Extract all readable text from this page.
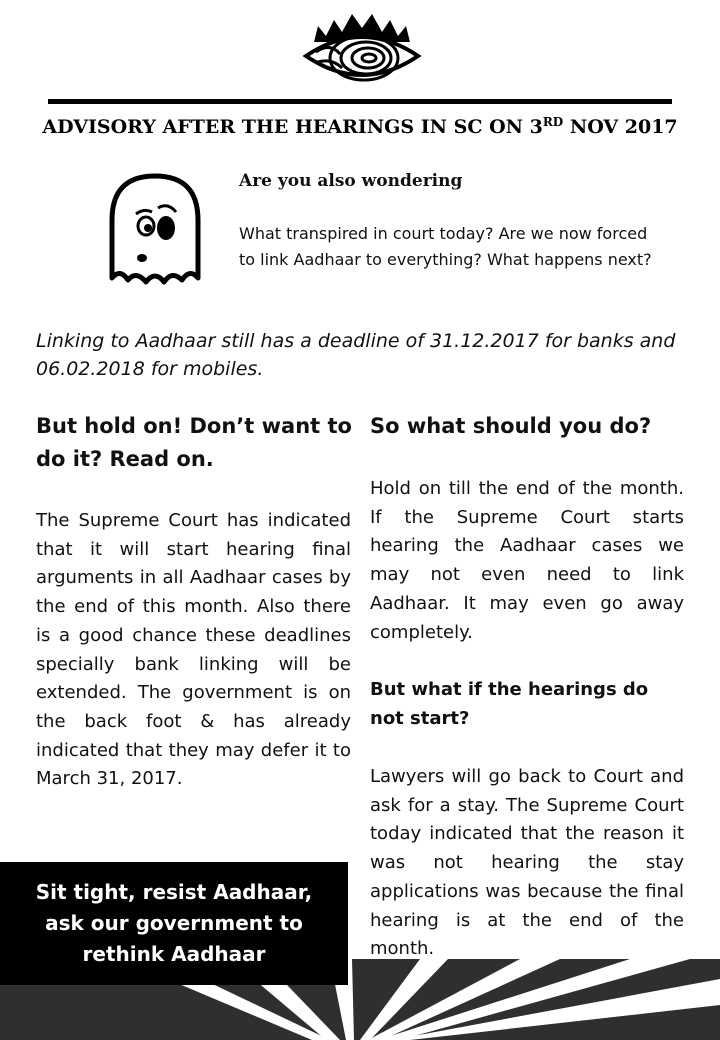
ADVISORY AFTER THE HEARINGS IN SC ON 3RD NOV 2017
Are you also wondering
What transpired in court today? Are we now forced to link Aadhaar to everything? What happens next?
Linking to Aadhaar still has a deadline of 31.12.2017 for banks and 06.02.2018 for mobiles.
But hold on! Don’t want to do it? Read on.
The Supreme Court has indicated that it will start hearing final arguments in all Aadhaar cases by the end of this month. Also there is a good chance these deadlines specially bank linking will be extended. The government is on the back foot & has already indicated that they may defer it to March 31, 2017.
So what should you do?
Hold on till the end of the month. If the Supreme Court starts hearing the Aadhaar cases we may not even need to link Aadhaar. It may even go away completely.
But what if the hearings do not start?
Lawyers will go back to Court and ask for a stay. The Supreme Court today indicated that the reason it was not hearing the stay applications was because the final hearing is at the end of the month.
Sit tight, resist Aadhaar, ask our government to rethink Aadhaar
